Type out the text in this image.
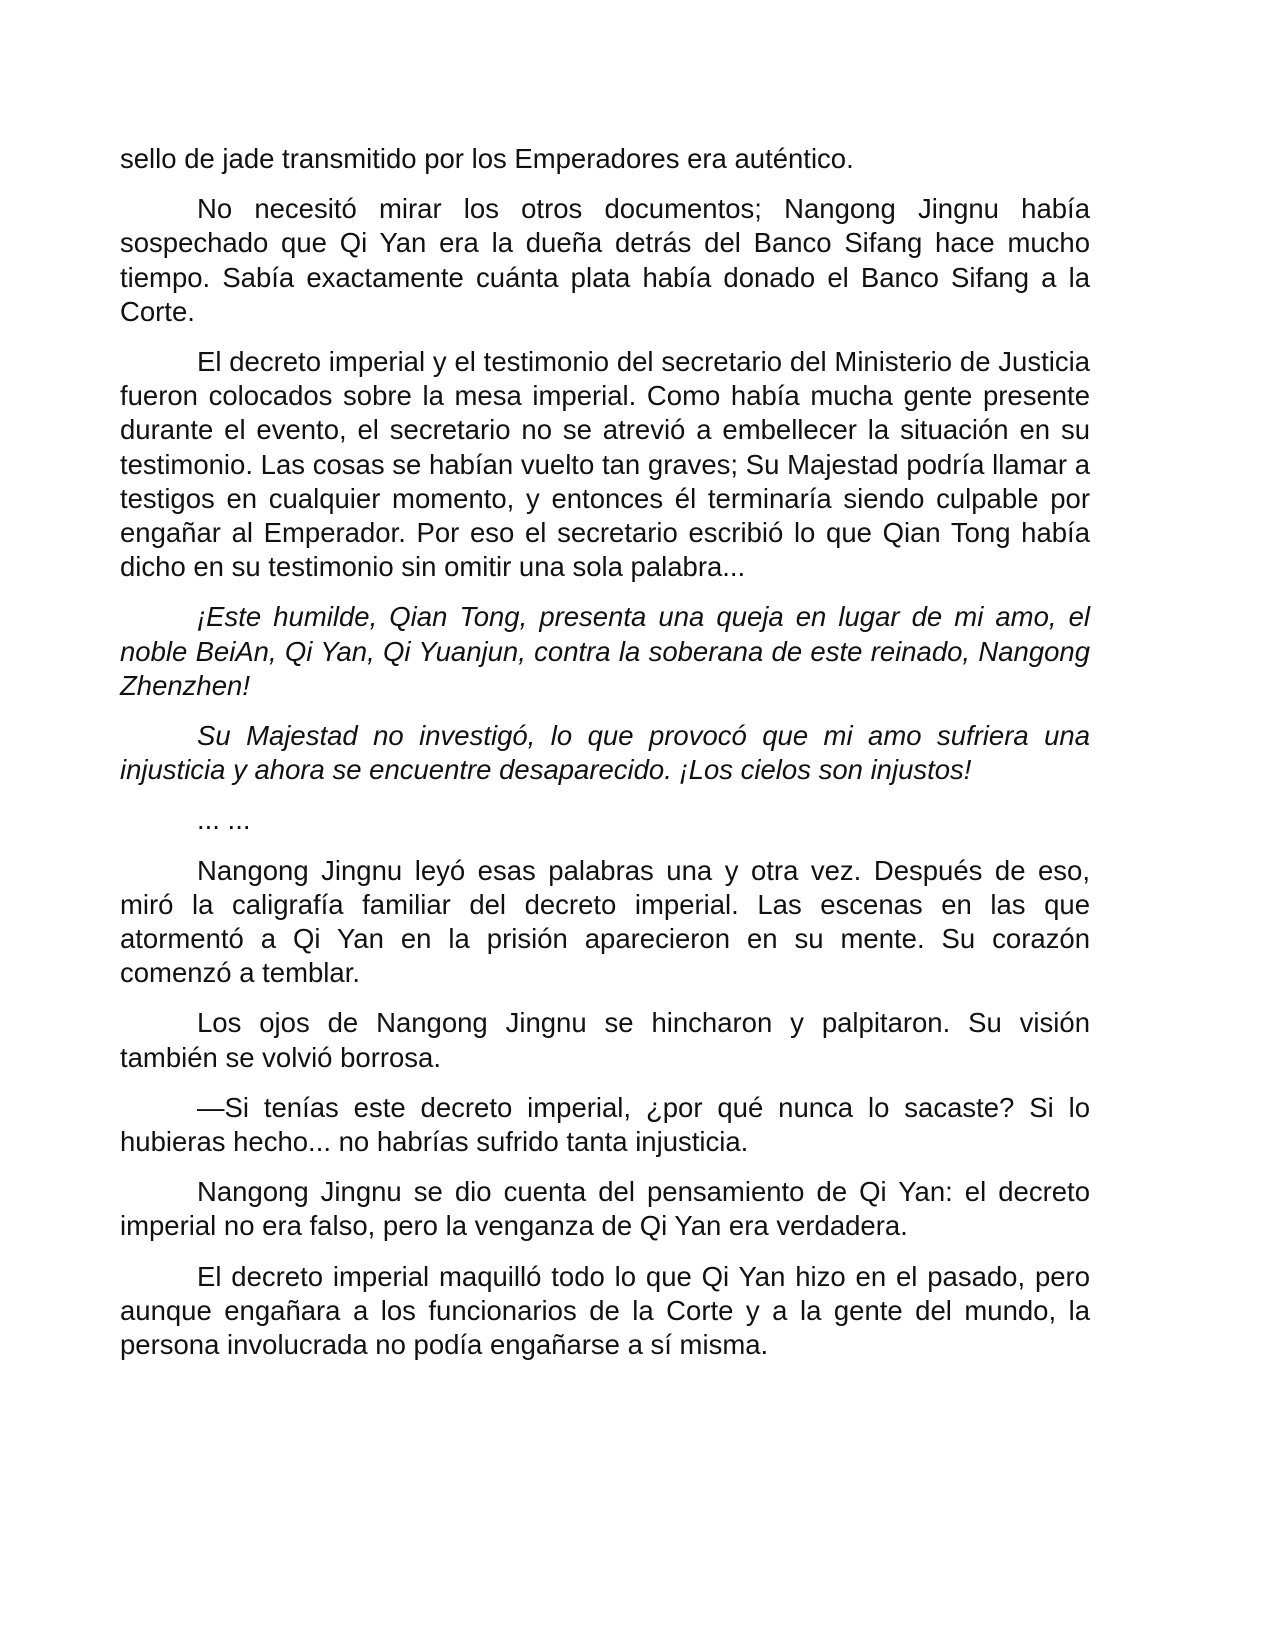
sello de jade transmitido por los Emperadores era auténtico.

No necesitó mirar los otros documentos; Nangong Jingnu había sospechado que Qi Yan era la dueña detrás del Banco Sifang hace mucho tiempo. Sabía exactamente cuánta plata había donado el Banco Sifang a la Corte.

El decreto imperial y el testimonio del secretario del Ministerio de Justicia fueron colocados sobre la mesa imperial. Como había mucha gente presente durante el evento, el secretario no se atrevió a embellecer la situación en su testimonio. Las cosas se habían vuelto tan graves; Su Majestad podría llamar a testigos en cualquier momento, y entonces él terminaría siendo culpable por engañar al Emperador. Por eso el secretario escribió lo que Qian Tong había dicho en su testimonio sin omitir una sola palabra...

¡Este humilde, Qian Tong, presenta una queja en lugar de mi amo, el noble BeiAn, Qi Yan, Qi Yuanjun, contra la soberana de este reinado, Nangong Zhenzhen!

Su Majestad no investigó, lo que provocó que mi amo sufriera una injusticia y ahora se encuentre desaparecido. ¡Los cielos son injustos!

... ...

Nangong Jingnu leyó esas palabras una y otra vez. Después de eso, miró la caligrafía familiar del decreto imperial. Las escenas en las que atormentó a Qi Yan en la prisión aparecieron en su mente. Su corazón comenzó a temblar.

Los ojos de Nangong Jingnu se hincharon y palpitaron. Su visión también se volvió borrosa.

—Si tenías este decreto imperial, ¿por qué nunca lo sacaste? Si lo hubieras hecho... no habrías sufrido tanta injusticia.

Nangong Jingnu se dio cuenta del pensamiento de Qi Yan: el decreto imperial no era falso, pero la venganza de Qi Yan era verdadera.

El decreto imperial maquilló todo lo que Qi Yan hizo en el pasado, pero aunque engañara a los funcionarios de la Corte y a la gente del mundo, la persona involucrada no podía engañarse a sí misma.
